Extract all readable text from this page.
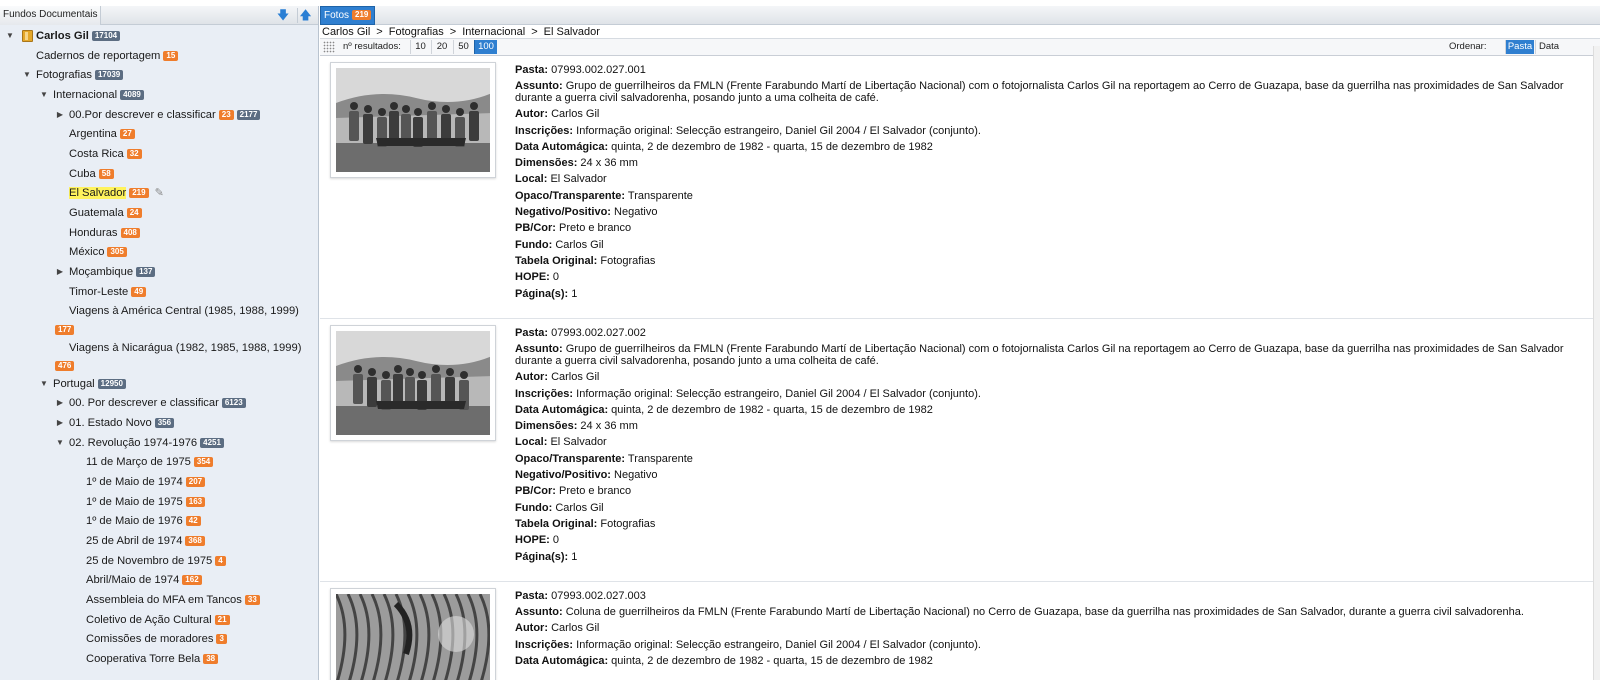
Fundos Documentais	🡇 🡅
▼ Carlos Gil 17104
Cadernos de reportagem 15
▼ Fotografias 17039
▼ Internacional 4089
▶ 00.Por descrever e classificar 23 2177
Argentina 27
Costa Rica 32
Cuba 58
El Salvador 219 ✎
Guatemala 24
Honduras 408
México 305
▶ Moçambique 137
Timor-Leste 49
Viagens à América Central (1985, 1988, 1999)
177
Viagens à Nicarágua (1982, 1985, 1988, 1999)
476
▼ Portugal 12950
▶ 00. Por descrever e classificar 6123
▶ 01. Estado Novo 356
▼ 02. Revolução 1974-1976 4251
11 de Março de 1975 354
1º de Maio de 1974 207
1º de Maio de 1975 163
1º de Maio de 1976 42
25 de Abril de 1974 368
25 de Novembro de 1975 4
Abril/Maio de 1974 162
Assembleia do MFA em Tancos 33
Coletivo de Ação Cultural 21
Comissões de moradores 3
Cooperativa Torre Bela 38
Fotos 219
Carlos Gil > Fotografias > Internacional > El Salvador
nº resultados:	10	20	50 100	Ordenar: Pasta Data
Pasta: 07993.002.027.001
Assunto: Grupo de guerrilheiros da FMLN (Frente Farabundo Martí de Libertação Nacional) com o fotojornalista Carlos Gil na reportagem ao Cerro de Guazapa, base da guerrilha nas proximidades de San Salvador durante a guerra civil salvadorenha, posando junto a uma colheita de café.
Autor: Carlos Gil
Inscrições: Informação original: Selecção estrangeiro, Daniel Gil 2004 / El Salvador (conjunto).
Data Automágica: quinta, 2 de dezembro de 1982 - quarta, 15 de dezembro de 1982
Dimensões: 24 x 36 mm
Local: El Salvador
Opaco/Transparente: Transparente
Negativo/Positivo: Negativo
PB/Cor: Preto e branco
Fundo: Carlos Gil
Tabela Original: Fotografias
HOPE: 0
Página(s): 1
Pasta: 07993.002.027.002
Assunto: Grupo de guerrilheiros da FMLN (Frente Farabundo Martí de Libertação Nacional) com o fotojornalista Carlos Gil na reportagem ao Cerro de Guazapa, base da guerrilha nas proximidades de San Salvador durante a guerra civil salvadorenha, posando junto a uma colheita de café.
Autor: Carlos Gil
Inscrições: Informação original: Selecção estrangeiro, Daniel Gil 2004 / El Salvador (conjunto).
Data Automágica: quinta, 2 de dezembro de 1982 - quarta, 15 de dezembro de 1982
Dimensões: 24 x 36 mm
Local: El Salvador
Opaco/Transparente: Transparente
Negativo/Positivo: Negativo
PB/Cor: Preto e branco
Fundo: Carlos Gil
Tabela Original: Fotografias
HOPE: 0
Página(s): 1
Pasta: 07993.002.027.003
Assunto: Coluna de guerrilheiros da FMLN (Frente Farabundo Martí de Libertação Nacional) no Cerro de Guazapa, base da guerrilha nas proximidades de San Salvador, durante a guerra civil salvadorenha.
Autor: Carlos Gil
Inscrições: Informação original: Selecção estrangeiro, Daniel Gil 2004 / El Salvador (conjunto).
Data Automágica: quinta, 2 de dezembro de 1982 - quarta, 15 de dezembro de 1982
